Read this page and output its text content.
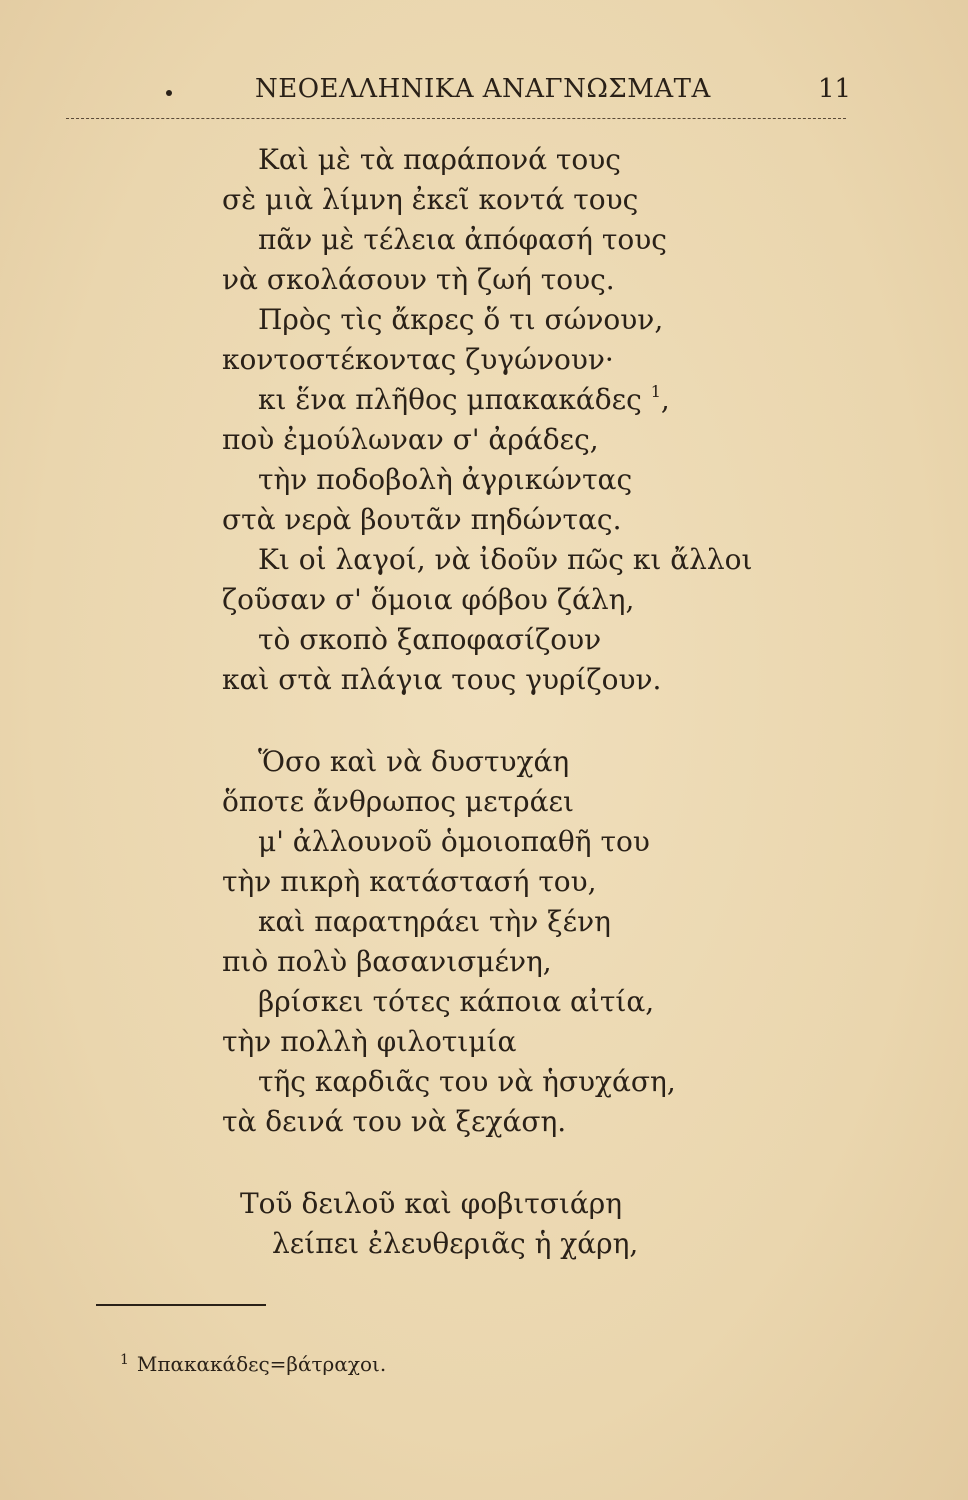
ΝΕΟΕΛΛΗΝΙΚΑ ΑΝΑΓΝΩΣΜΑΤΑ	11
Καὶ μὲ τὰ παράπονά τους
σὲ μιὰ λίμνη ἐκεῖ κοντά τους
πᾶν μὲ τέλεια ἀπόφασή τους
νὰ σκολάσουν τὴ ζωή τους.
Πρὸς τὶς ἄκρες ὅ τι σώνουν,
κοντοστέκοντας ζυγώνουν·
κι ἕνα πλῆθος μπακακάδες $^1$,
ποὺ ἐμούλωναν σ' ἀράδες,
τὴν ποδοβολὴ ἀγρικώντας
στὰ νερὰ βουτᾶν πηδώντας.
Κι οἱ λαγοί, νὰ ἰδοῦν πῶς κι ἄλλοι
ζοῦσαν σ' ὅμοια φόβου ζάλη,
τὸ σκοπὸ ξαποφασίζουν
καὶ στὰ πλάγια τους γυρίζουν.
Ὅσο καὶ νὰ δυστυχάη
ὅποτε ἄνθρωπος μετράει
μ' ἀλλουνοῦ ὁμοιοπαθῆ του
τὴν πικρὴ κατάστασή του,
καὶ παρατηράει τὴν ξένη
πιὸ πολὺ βασανισμένη,
βρίσκει τότες κάποια αἰτία,
τὴν πολλὴ φιλοτιμία
τῆς καρδιᾶς του νὰ ἡσυχάση,
τὰ δεινά του νὰ ξεχάση.
Τοῦ δειλοῦ καὶ φοβιτσιάρη
λείπει ἐλευθεριᾶς ἡ χάρη,
$^1$ Μπακακάδες=βάτραχοι.
